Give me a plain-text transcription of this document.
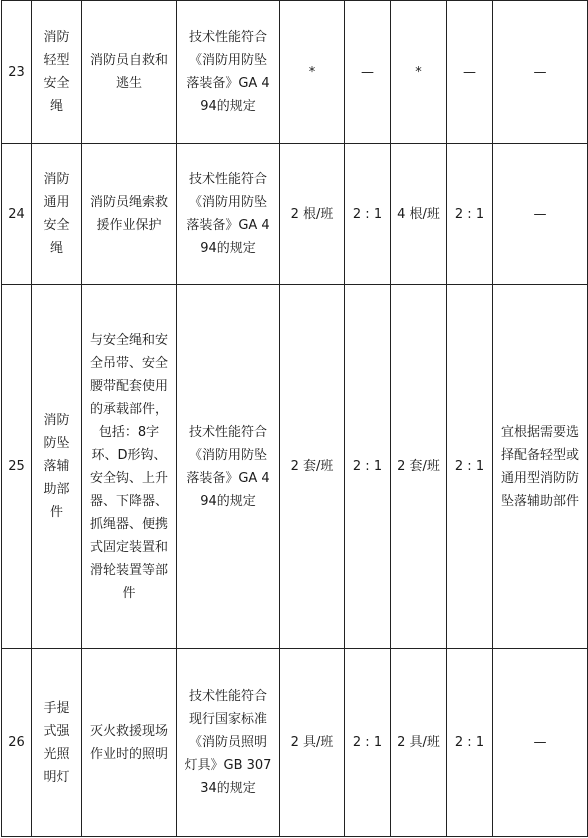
23	消防轻型安全绳	消防员自救和逃生	技术性能符合《消防用防坠落装备》GA 494的规定	*	—	*	—	—
24	消防通用安全绳	消防员绳索救援作业保护	技术性能符合《消防用防坠落装备》GA 494的规定	2 根/班	2 : 1	4 根/班	2 : 1	—
25	消防防坠落辅助部件	与安全绳和安全吊带、安全腰带配套使用的承载部件，包括：8字环、D形钩、安全钩、上升器、下降器、抓绳器、便携式固定装置和滑轮装置等部件	技术性能符合《消防用防坠落装备》GA 494的规定	2 套/班	2 : 1	2 套/班	2 : 1	宜根据需要选择配备轻型或通用型消防防坠落辅助部件
26	手提式强光照明灯	灭火救援现场作业时的照明	技术性能符合现行国家标准《消防员照明灯具》GB 30734的规定	2 具/班	2 : 1	2 具/班	2 : 1	—
